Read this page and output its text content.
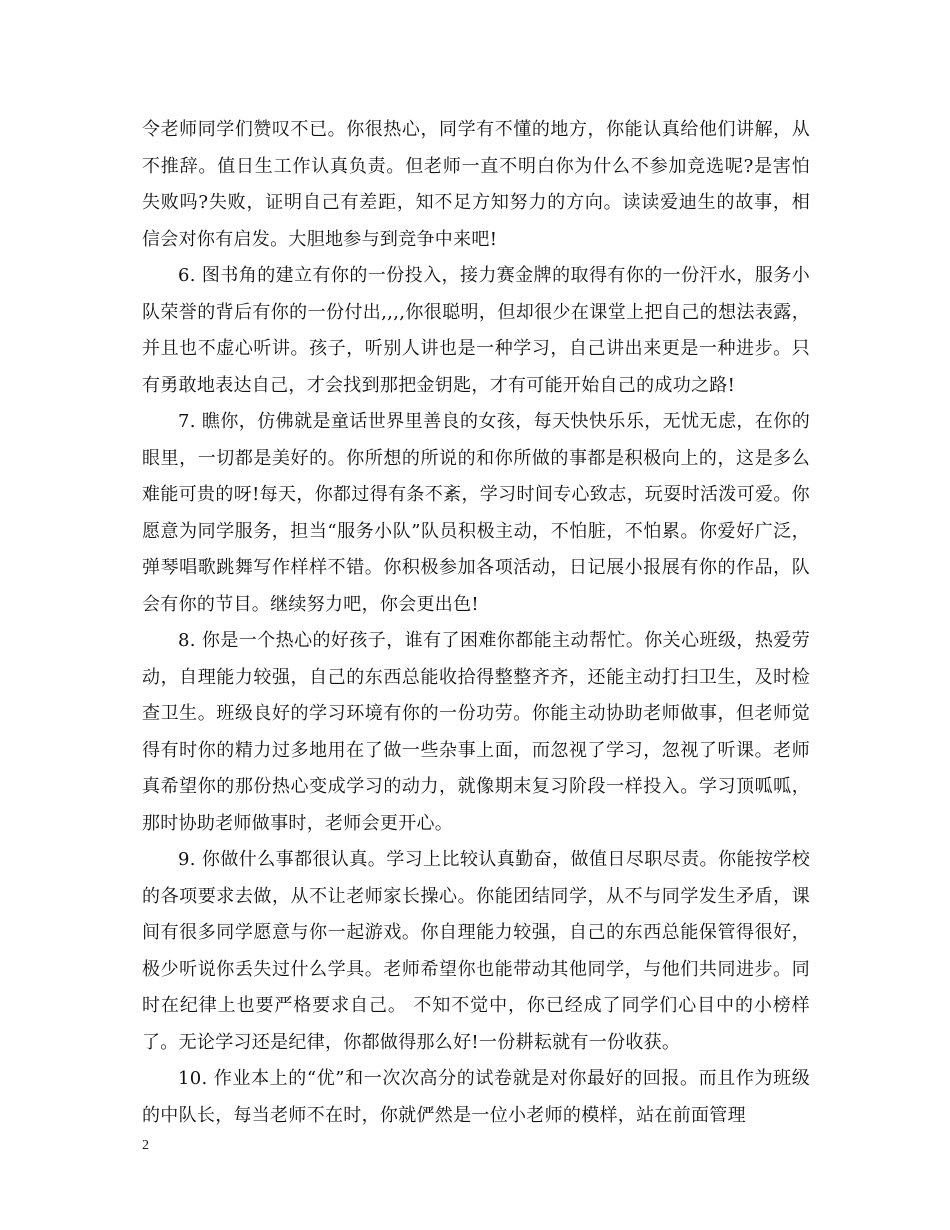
令老师同学们赞叹不已。你很热心，同学有不懂的地方，你能认真给他们讲解，从不推辞。值日生工作认真负责。但老师一直不明白你为什么不参加竞选呢?是害怕失败吗?失败，证明自己有差距，知不足方知努力的方向。读读爱迪生的故事，相信会对你有启发。大胆地参与到竞争中来吧!

6. 图书角的建立有你的一份投入，接力赛金牌的取得有你的一份汗水，服务小队荣誉的背后有你的一份付出,,,,你很聪明，但却很少在课堂上把自己的想法表露，并且也不虚心听讲。孩子，听别人讲也是一种学习，自己讲出来更是一种进步。只有勇敢地表达自己，才会找到那把金钥匙，才有可能开始自己的成功之路!

7. 瞧你，仿佛就是童话世界里善良的女孩，每天快快乐乐，无忧无虑，在你的眼里，一切都是美好的。你所想的所说的和你所做的事都是积极向上的，这是多么难能可贵的呀!每天，你都过得有条不紊，学习时间专心致志，玩耍时活泼可爱。你愿意为同学服务，担当“服务小队”队员积极主动，不怕脏，不怕累。你爱好广泛，弹琴唱歌跳舞写作样样不错。你积极参加各项活动，日记展小报展有你的作品，队会有你的节目。继续努力吧，你会更出色!

8. 你是一个热心的好孩子，谁有了困难你都能主动帮忙。你关心班级，热爱劳动，自理能力较强，自己的东西总能收拾得整整齐齐，还能主动打扫卫生，及时检查卫生。班级良好的学习环境有你的一份功劳。你能主动协助老师做事，但老师觉得有时你的精力过多地用在了做一些杂事上面，而忽视了学习，忽视了听课。老师真希望你的那份热心变成学习的动力，就像期末复习阶段一样投入。学习顶呱呱，那时协助老师做事时，老师会更开心。

9. 你做什么事都很认真。学习上比较认真勤奋，做值日尽职尽责。你能按学校的各项要求去做，从不让老师家长操心。你能团结同学，从不与同学发生矛盾，课间有很多同学愿意与你一起游戏。你自理能力较强，自己的东西总能保管得很好，极少听说你丢失过什么学具。老师希望你也能带动其他同学，与他们共同进步。同时在纪律上也要严格要求自己。 不知不觉中，你已经成了同学们心目中的小榜样了。无论学习还是纪律，你都做得那么好!一份耕耘就有一份收获。

10. 作业本上的“优”和一次次高分的试卷就是对你最好的回报。而且作为班级的中队长，每当老师不在时，你就俨然是一位小老师的模样，站在前面管理

2
